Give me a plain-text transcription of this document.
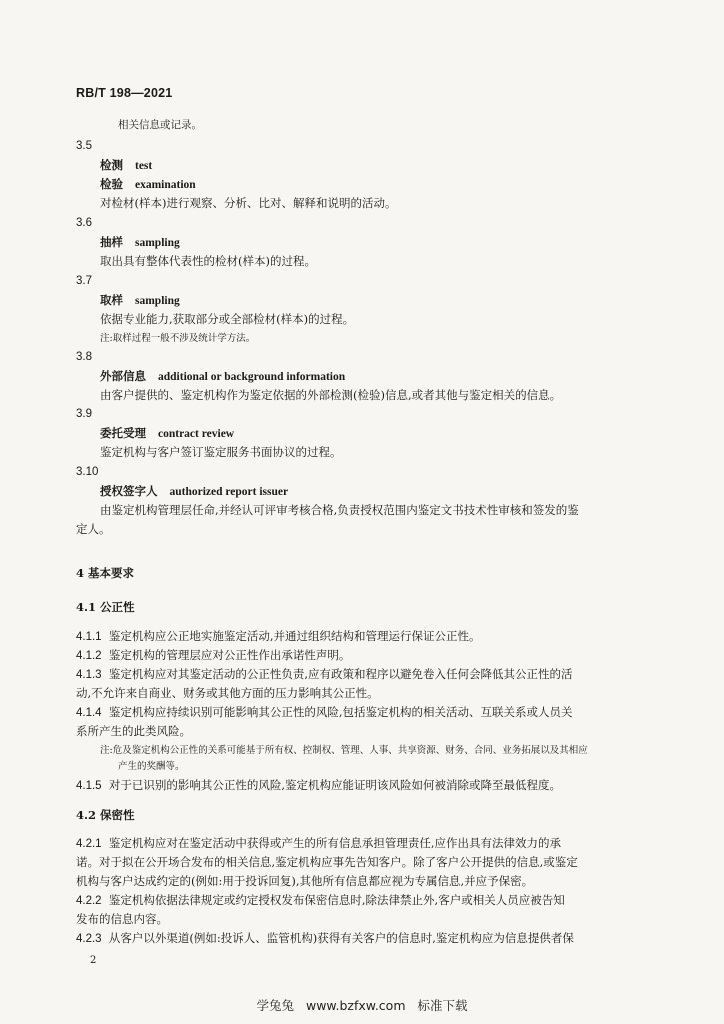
RB/T 198—2021
相关信息或记录。
3.5
检测 test
检验 examination
对检材(样本)进行观察、分析、比对、解释和说明的活动。
3.6
抽样 sampling
取出具有整体代表性的检材(样本)的过程。
3.7
取样 sampling
依据专业能力,获取部分或全部检材(样本)的过程。
注:取样过程一般不涉及统计学方法。
3.8
外部信息 additional or background information
由客户提供的、鉴定机构作为鉴定依据的外部检测(检验)信息,或者其他与鉴定相关的信息。
3.9
委托受理 contract review
鉴定机构与客户签订鉴定服务书面协议的过程。
3.10
授权签字人 authorized report issuer
由鉴定机构管理层任命,并经认可评审考核合格,负责授权范围内鉴定文书技术性审核和签发的鉴
定人。
4 基本要求
4.1 公正性
4.1.1 鉴定机构应公正地实施鉴定活动,并通过组织结构和管理运行保证公正性。
4.1.2 鉴定机构的管理层应对公正性作出承诺性声明。
4.1.3 鉴定机构应对其鉴定活动的公正性负责,应有政策和程序以避免卷入任何会降低其公正性的活
动,不允许来自商业、财务或其他方面的压力影响其公正性。
4.1.4 鉴定机构应持续识别可能影响其公正性的风险,包括鉴定机构的相关活动、互联关系或人员关
系所产生的此类风险。
注:危及鉴定机构公正性的关系可能基于所有权、控制权、管理、人事、共享资源、财务、合同、业务拓展以及其相应
产生的奖酬等。
4.1.5 对于已识别的影响其公正性的风险,鉴定机构应能证明该风险如何被消除或降至最低程度。
4.2 保密性
4.2.1 鉴定机构应对在鉴定活动中获得或产生的所有信息承担管理责任,应作出具有法律效力的承
诺。对于拟在公开场合发布的相关信息,鉴定机构应事先告知客户。除了客户公开提供的信息,或鉴定
机构与客户达成约定的(例如:用于投诉回复),其他所有信息都应视为专属信息,并应予保密。
4.2.2 鉴定机构依据法律规定或约定授权发布保密信息时,除法律禁止外,客户或相关人员应被告知
发布的信息内容。
4.2.3 从客户以外渠道(例如:投诉人、监管机构)获得有关客户的信息时,鉴定机构应为信息提供者保
2
学兔兔 www.bzfxw.com 标准下载
